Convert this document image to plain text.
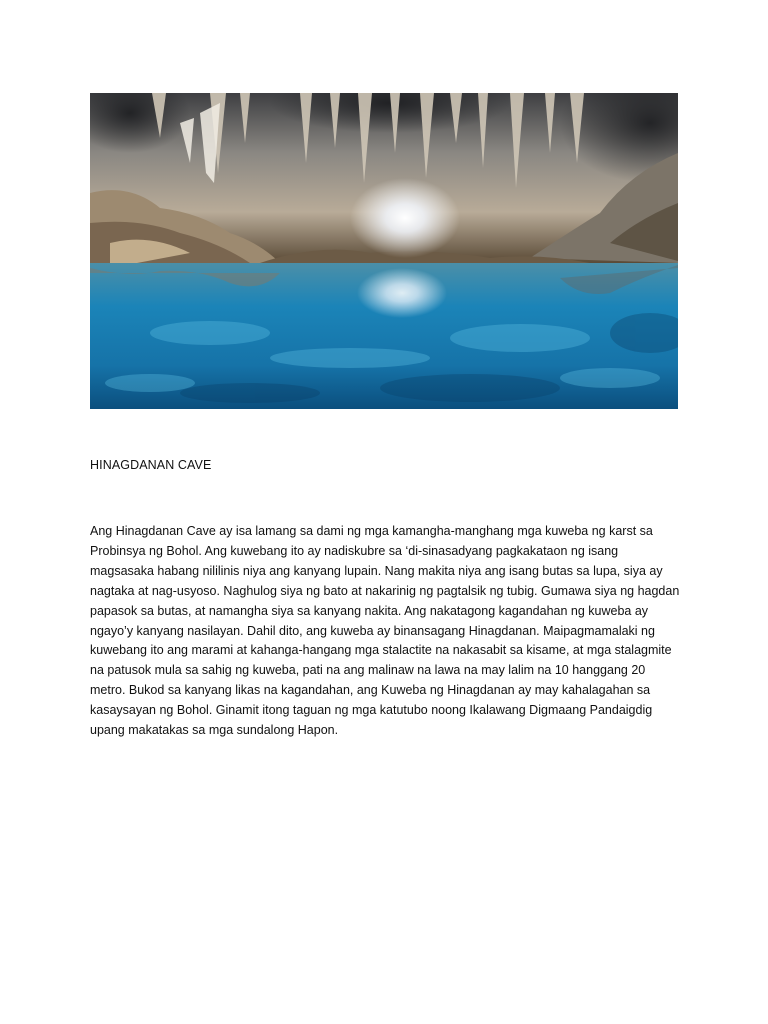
HINAGDANAN CAVE
Ang Hinagdanan Cave ay isa lamang sa dami ng mga kamangha-manghang mga kuweba ng karst sa
Probinsya ng Bohol. Ang kuwebang ito ay nadiskubre sa ‘di-sinasadyang pagkakataon ng isang
magsasaka habang nililinis niya ang kanyang lupain. Nang makita niya ang isang butas sa lupa, siya ay
nagtaka at nag-usyoso. Naghulog siya ng bato at nakarinig ng pagtalsik ng tubig. Gumawa siya ng hagdan
papasok sa butas, at namangha siya sa kanyang nakita. Ang nakatagong kagandahan ng kuweba ay
ngayo’y kanyang nasilayan. Dahil dito, ang kuweba ay binansagang Hinagdanan. Maipagmamalaki ng
kuwebang ito ang marami at kahanga-hangang mga stalactite na nakasabit sa kisame, at mga stalagmite
na patusok mula sa sahig ng kuweba, pati na ang malinaw na lawa na may lalim na 10 hanggang 20
metro. Bukod sa kanyang likas na kagandahan, ang Kuweba ng Hinagdanan ay may kahalagahan sa
kasaysayan ng Bohol. Ginamit itong taguan ng mga katutubo noong Ikalawang Digmaang Pandaigdig
upang makatakas sa mga sundalong Hapon.
